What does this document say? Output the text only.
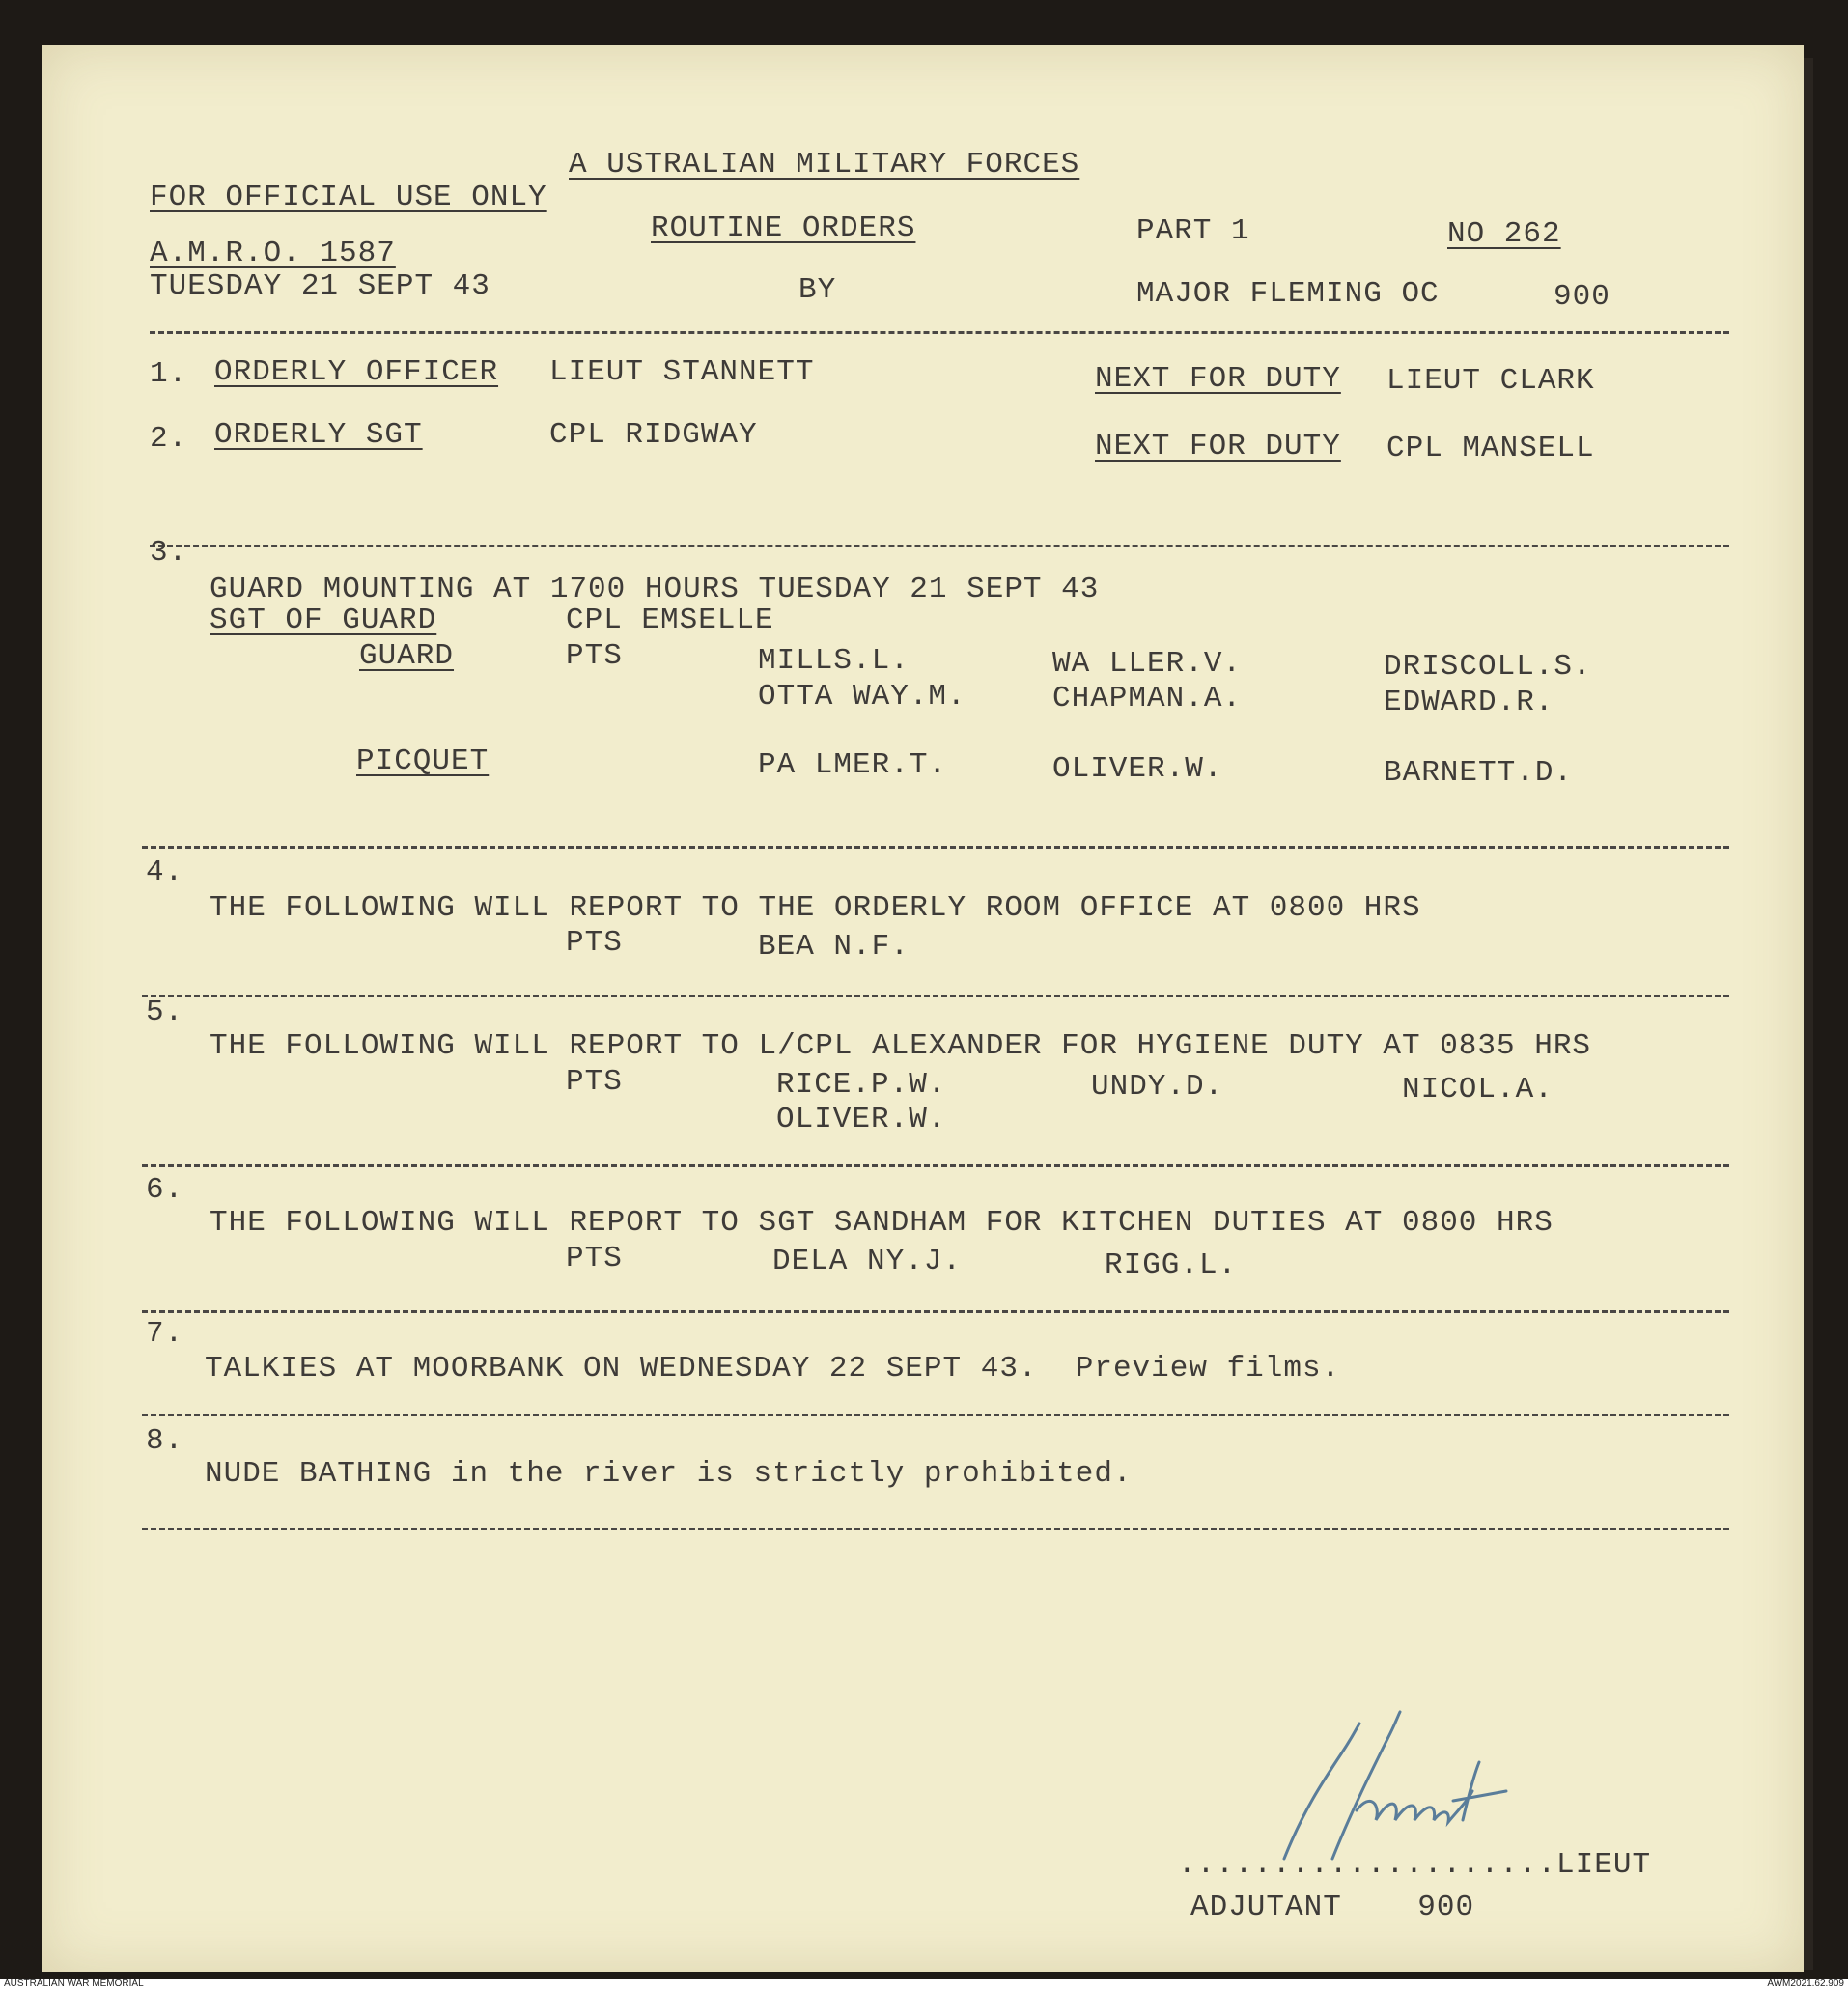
A USTRALIAN MILITARY FORCES
FOR OFFICIAL USE ONLY
ROUTINE ORDERS	PART 1	NO 262
A.M.R.O. 1587
TUESDAY 21 SEPT 43	BY	MAJOR FLEMING OC	900
1. ORDERLY OFFICER LIEUT STANNETT	NEXT FOR DUTY LIEUT CLARK
2. ORDERLY SGT	CPL RIDGWAY	NEXT FOR DUTY CPL MANSELL
3.
GUARD MOUNTING AT 1700 HOURS TUESDAY 21 SEPT 43
SGT OF GUARD	CPL EMSELLE
GUARD	PTS	MILLS.L.	WA LLER.V.	DRISCOLL.S.
OTTA WAY.M.	CHAPMAN.A.	EDWARD.R.
PICQUET	PA LMER.T.	OLIVER.W.	BARNETT.D.
4.
THE FOLLOWING WILL REPORT TO THE ORDERLY ROOM OFFICE AT 0800 HRS
PTS	BEA N.F.
5.
THE FOLLOWING WILL REPORT TO L/CPL ALEXANDER FOR HYGIENE DUTY AT 0835 HRS
PTS	RICE.P.W.	UNDY.D.	NICOL.A.
OLIVER.W.
6.
THE FOLLOWING WILL REPORT TO SGT SANDHAM FOR KITCHEN DUTIES AT 0800 HRS
PTS	DELA NY.J.	RIGG.L.
7.
TALKIES AT MOORBANK ON WEDNESDAY 22 SEPT 43.  Preview films.
8.
NUDE BATHING in the river is strictly prohibited.
....................LIEUT
ADJUTANT    900
AUSTRALIAN WAR MEMORIAL	AWM2021.62.909
